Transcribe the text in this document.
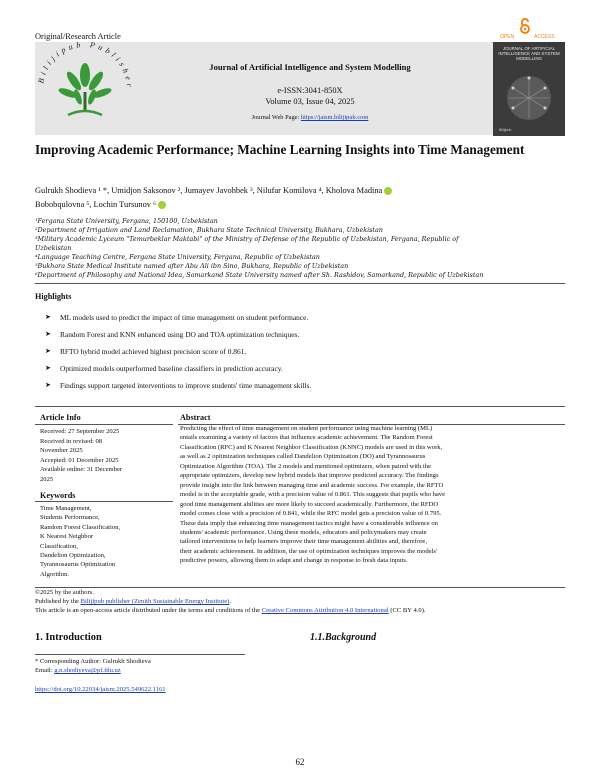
Original/Research Article	OPEN	ACCESS
Bilijipub Publisher
Journal of Artificial Intelligence and System Modelling
e-ISSN:3041-850X
Volume 03, Issue 04, 2025
Journal Web Page: https://jaism.bilijipub.com
JOURNAL OF ARTIFICIAL INTELLIGENCE AND SYSTEM MODELLING
Bilijipub
Improving Academic Performance; Machine Learning Insights into Time Management
Gulrukh Shodieva ¹ *, Umidjon Saksonov ², Jumayev Javohbek ³, Nilufar Komilova ⁴, Kholova Madina
Bobobqulovna ⁵, Lochin Tursunov ⁶
¹Fergana State University, Fergana, 150100, Uzbekistan
²Department of Irrigation and Land Reclamation, Bukhara State Technical University, Bukhara, Uzbekistan
³Military Academic Lyceum "Temurbeklar Maktabi" of the Ministry of Defense of the Republic of Uzbekistan, Fergana, Republic of
Uzbekistan
⁴Language Teaching Centre, Fergana State University, Fergana, Republic of Uzbekistan
⁵Bukhara State Medical Institute named after Abu Ali ibn Sino, Bukhara, Republic of Uzbekistan
⁶Department of Philosophy and National Idea, Samarkand State University named after Sh. Rashidov, Samarkand, Republic of Uzbekistan
Highlights
➤ ML models used to predict the impact of time management on student performance.
➤ Random Forest and KNN enhanced using DO and TOA optimization techniques.
➤ RFTO hybrid model achieved highest precision score of 0.861.
➤ Optimized models outperformed baseline classifiers in prediction accuracy.
➤ Findings support targeted interventions to improve students' time management skills.
Article Info
Received: 27 September 2025
Received in revised: 08
November 2025
Accepted: 01 December 2025
Available online: 31 December
2025
Keywords
Time Management,
Students Performance,
Random Forest Classification,
K Nearest Neighbor
Classification,
Dandelion Optimization,
Tyrannosaurus Optimization
Algorithm.
Abstract
Predicting the effect of time management on student performance using machine learning (ML)
entails examining a variety of factors that influence academic achievement. The Random Forest
Classification (RFC) and K Nearest Neighbor Classification (KNNC) models are used in this work,
as well as 2 optimization techniques called Dandelion Optimization (DO) and Tyrannosaurus
Optimization Algorithm (TOA). The 2 models and mentioned optimizers, when paired with the
appropriate optimizers, develop new hybrid models that improve predicted accuracy. The findings
provide insight into the link between managing time and academic success. For example, the RFTO
model is in the acceptable grade, with a precision value of 0.861. This suggests that pupils who have
good time management abilities are more likely to succeed academically. Furthermore, the RFDO
model comes close with a precision of 0.841, while the RFC model gets a precision value of 0.795.
These data imply that enhancing time management tactics might have a considerable influence on
students' academic performance. Using these models, educators and policymakers may create
tailored interventions to help learners improve their time management abilities and, therefore,
their academic achievement. In addition, the use of optimization techniques improves the models'
predictive powers, allowing them to adapt and change in response to fresh data inputs.
©2025 by the authors.
Published by the Bilijipub publisher (Zenith Sustainable Energy Institute).
This article is an open-access article distributed under the terms and conditions of the Creative Commons Attribution 4.0 International (CC BY 4.0).
1. Introduction	1.1.Background
* Corresponding Author: Gulrukh Shodieva
Email: g.n.shodiyeva@pf.fdu.uz
https://doi.org/10.22034/jaism.2025.549622.1161
62
